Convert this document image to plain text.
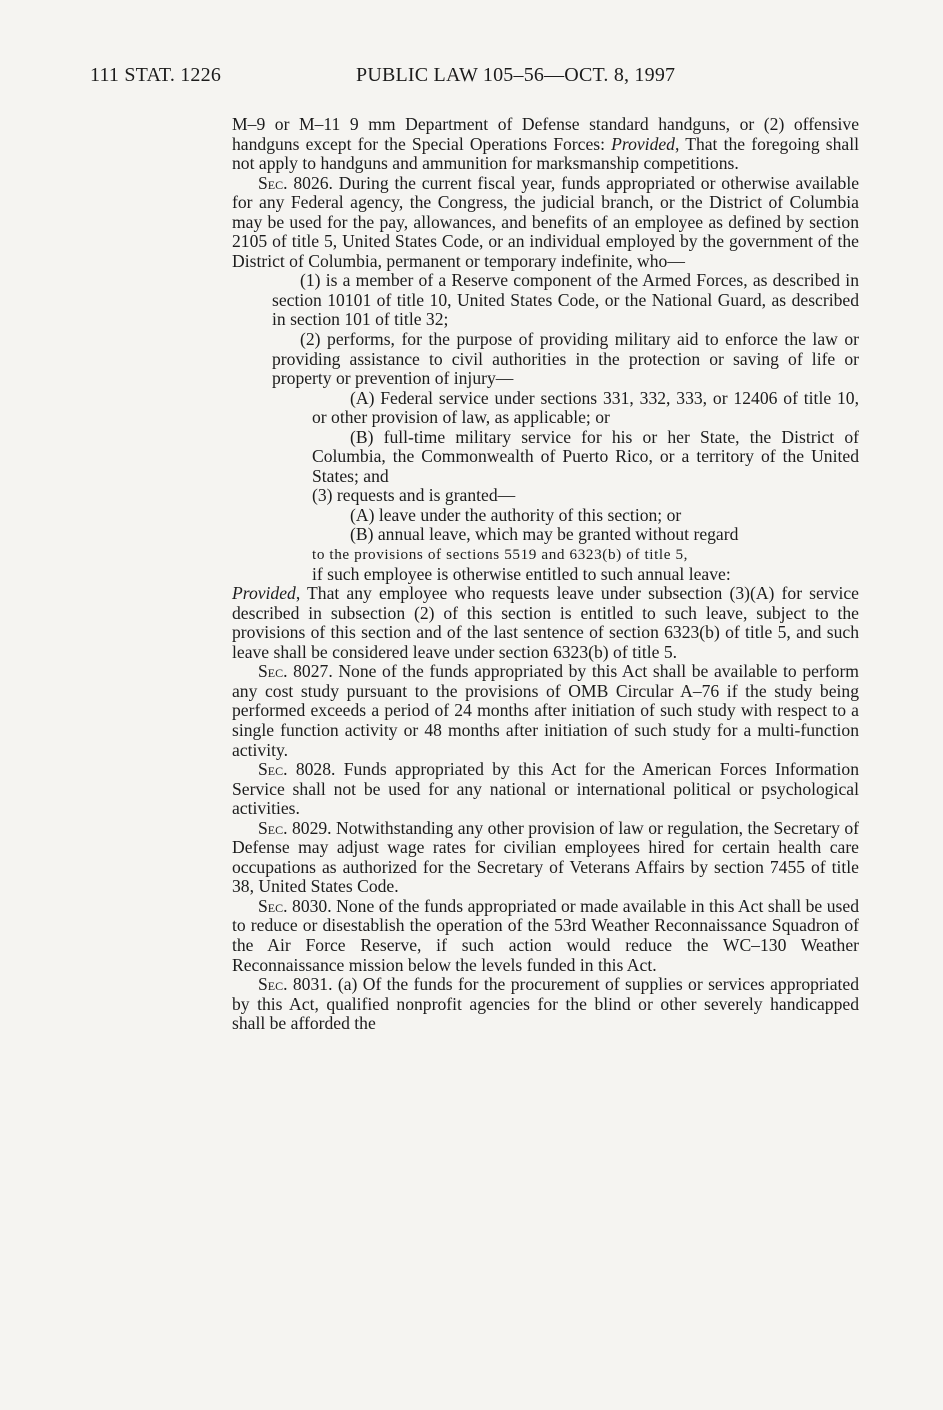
111 STAT. 1226	PUBLIC LAW 105–56—OCT. 8, 1997

M–9 or M–11 9 mm Department of Defense standard handguns, or (2) offensive handguns except for the Special Operations Forces: Provided, That the foregoing shall not apply to handguns and ammunition for marksmanship competitions.

Sec. 8026. During the current fiscal year, funds appropriated or otherwise available for any Federal agency, the Congress, the judicial branch, or the District of Columbia may be used for the pay, allowances, and benefits of an employee as defined by section 2105 of title 5, United States Code, or an individual employed by the government of the District of Columbia, permanent or temporary indefinite, who—

(1) is a member of a Reserve component of the Armed Forces, as described in section 10101 of title 10, United States Code, or the National Guard, as described in section 101 of title 32;

(2) performs, for the purpose of providing military aid to enforce the law or providing assistance to civil authorities in the protection or saving of life or property or prevention of injury—

(A) Federal service under sections 331, 332, 333, or 12406 of title 10, or other provision of law, as applicable; or

(B) full-time military service for his or her State, the District of Columbia, the Commonwealth of Puerto Rico, or a territory of the United States; and

(3) requests and is granted—

(A) leave under the authority of this section; or

(B) annual leave, which may be granted without regard

to the provisions of sections 5519 and 6323(b) of title 5,

if such employee is otherwise entitled to such annual leave:

Provided, That any employee who requests leave under subsection (3)(A) for service described in subsection (2) of this section is entitled to such leave, subject to the provisions of this section and of the last sentence of section 6323(b) of title 5, and such leave shall be considered leave under section 6323(b) of title 5.

Sec. 8027. None of the funds appropriated by this Act shall be available to perform any cost study pursuant to the provisions of OMB Circular A–76 if the study being performed exceeds a period of 24 months after initiation of such study with respect to a single function activity or 48 months after initiation of such study for a multi-function activity.

Sec. 8028. Funds appropriated by this Act for the American Forces Information Service shall not be used for any national or international political or psychological activities.

Sec. 8029. Notwithstanding any other provision of law or regulation, the Secretary of Defense may adjust wage rates for civilian employees hired for certain health care occupations as authorized for the Secretary of Veterans Affairs by section 7455 of title 38, United States Code.

Sec. 8030. None of the funds appropriated or made available in this Act shall be used to reduce or disestablish the operation of the 53rd Weather Reconnaissance Squadron of the Air Force Reserve, if such action would reduce the WC–130 Weather Reconnaissance mission below the levels funded in this Act.

Sec. 8031. (a) Of the funds for the procurement of supplies or services appropriated by this Act, qualified nonprofit agencies for the blind or other severely handicapped shall be afforded the
